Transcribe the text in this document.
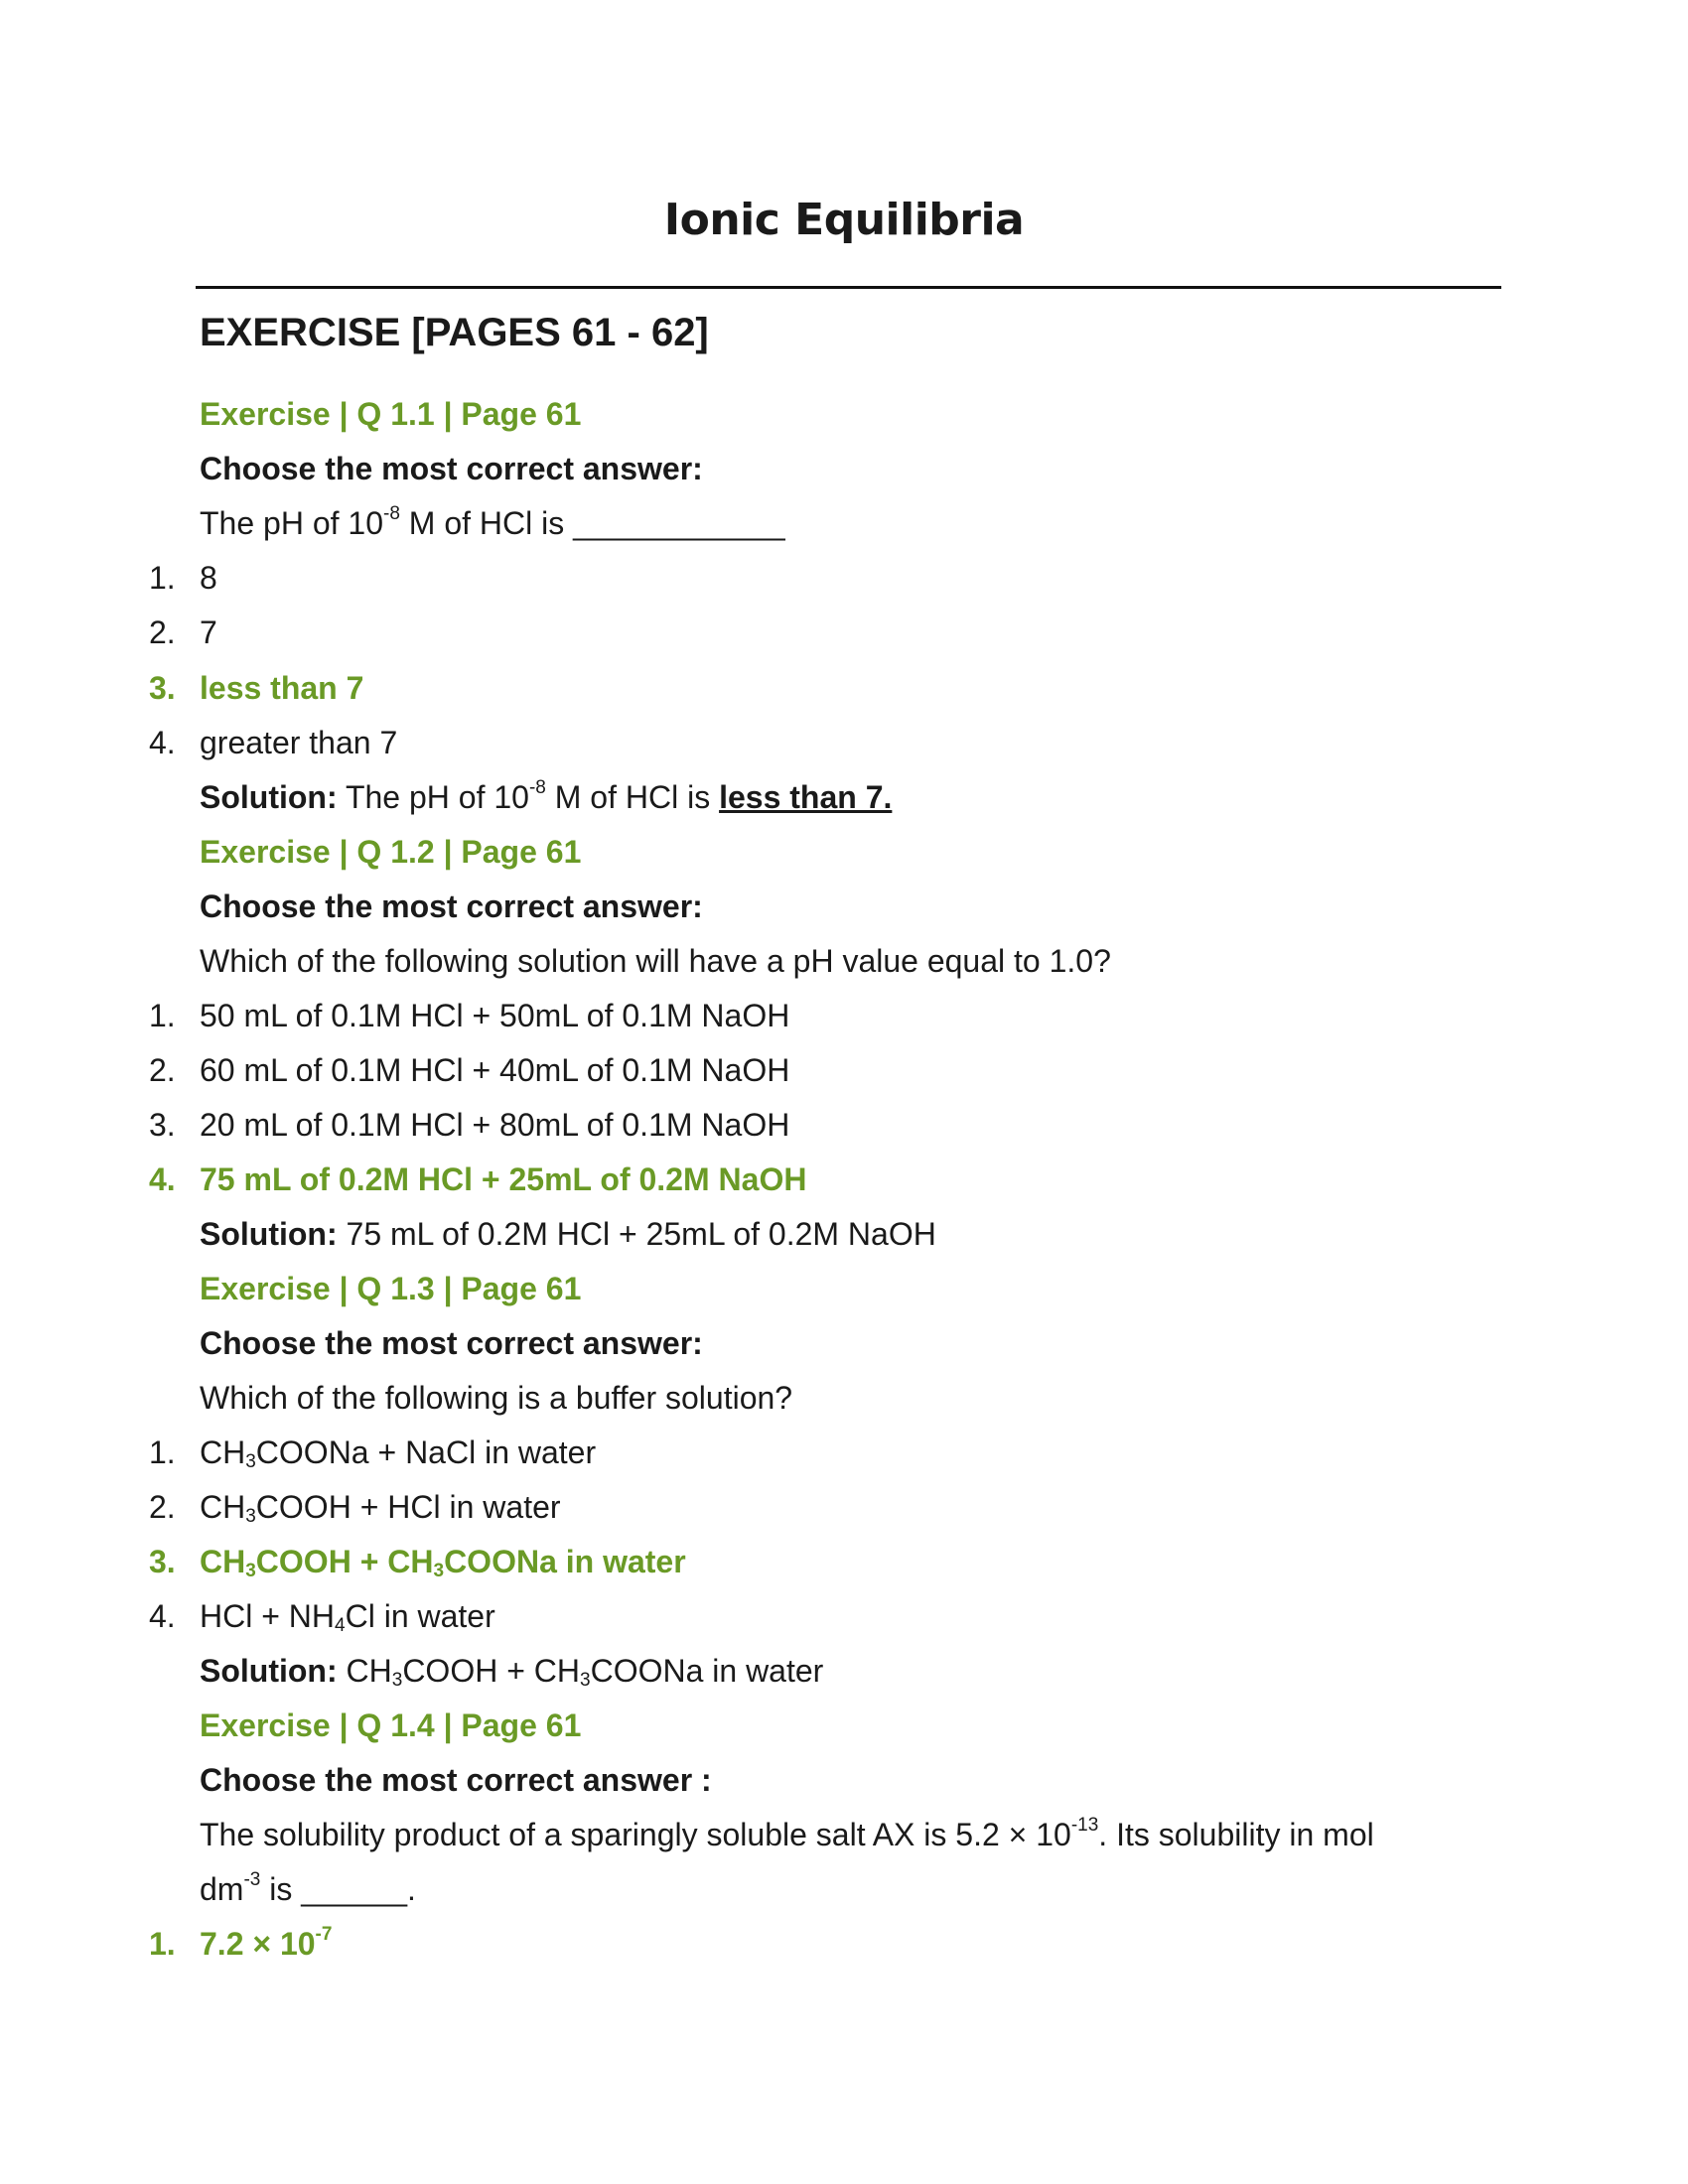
Ionic Equilibria
EXERCISE [PAGES 61 - 62]
Exercise | Q 1.1 | Page 61
Choose the most correct answer:
The pH of $10^{-8}$ M of HCl is ____________
1. 8
2. 7
3. less than 7
4. greater than 7
Solution: The pH of $10^{-8}$ M of HCl is less than 7.
Exercise | Q 1.2 | Page 61
Choose the most correct answer:
Which of the following solution will have a pH value equal to 1.0?
1. 50 mL of 0.1M HCl + 50mL of 0.1M NaOH
2. 60 mL of 0.1M HCl + 40mL of 0.1M NaOH
3. 20 mL of 0.1M HCl + 80mL of 0.1M NaOH
4. 75 mL of 0.2M HCl + 25mL of 0.2M NaOH
Solution: 75 mL of 0.2M HCl + 25mL of 0.2M NaOH
Exercise | Q 1.3 | Page 61
Choose the most correct answer:
Which of the following is a buffer solution?
1. $CH_3COONa$ + NaCl in water
2. $CH_3COOH$ + HCl in water
3. $CH_3COOH$ + $CH_3COONa$ in water
4. HCl + $NH_4Cl$ in water
Solution: $CH_3COOH$ + $CH_3COONa$ in water
Exercise | Q 1.4 | Page 61
Choose the most correct answer :
The solubility product of a sparingly soluble salt AX is $5.2 \times 10^{-13}$. Its solubility in mol
$dm^{-3}$ is ______.
1. $7.2 \times 10^{-7}$
